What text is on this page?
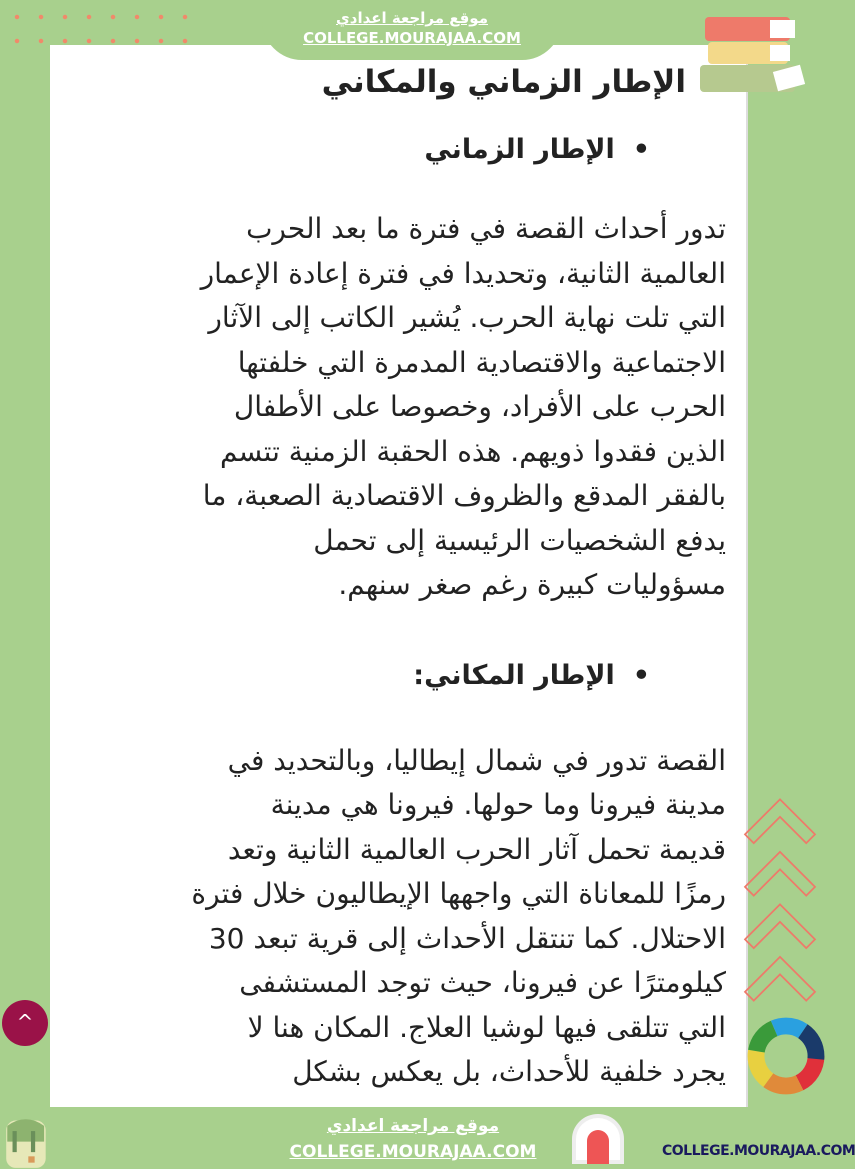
موقع مراجعة اعدادي
COLLEGE.MOURAJAA.COM
الإطار الزماني والمكاني
•الإطار الزماني
تدور أحداث القصة في فترة ما بعد الحرب
العالمية الثانية، وتحديدا في فترة إعادة الإعمار
التي تلت نهاية الحرب. يُشير الكاتب إلى الآثار
الاجتماعية والاقتصادية المدمرة التي خلفتها
الحرب على الأفراد، وخصوصا على الأطفال
الذين فقدوا ذويهم. هذه الحقبة الزمنية تتسم
بالفقر المدقع والظروف الاقتصادية الصعبة، ما
يدفع الشخصيات الرئيسية إلى تحمل
مسؤوليات كبيرة رغم صغر سنهم.
•الإطار المكاني:
القصة تدور في شمال إيطاليا، وبالتحديد في
مدينة فيرونا وما حولها. فيرونا هي مدينة
قديمة تحمل آثار الحرب العالمية الثانية وتعد
رمزًا للمعاناة التي واجهها الإيطاليون خلال فترة
الاحتلال. كما تنتقل الأحداث إلى قرية تبعد 30
كيلومترًا عن فيرونا، حيث توجد المستشفى
التي تتلقى فيها لوشيا العلاج. المكان هنا لا
يجرد خلفية للأحداث، بل يعكس بشكل
^
موقع مراجعة اعدادي
COLLEGE.MOURAJAA.COM	COLLEGE.MOURAJAA.COM
